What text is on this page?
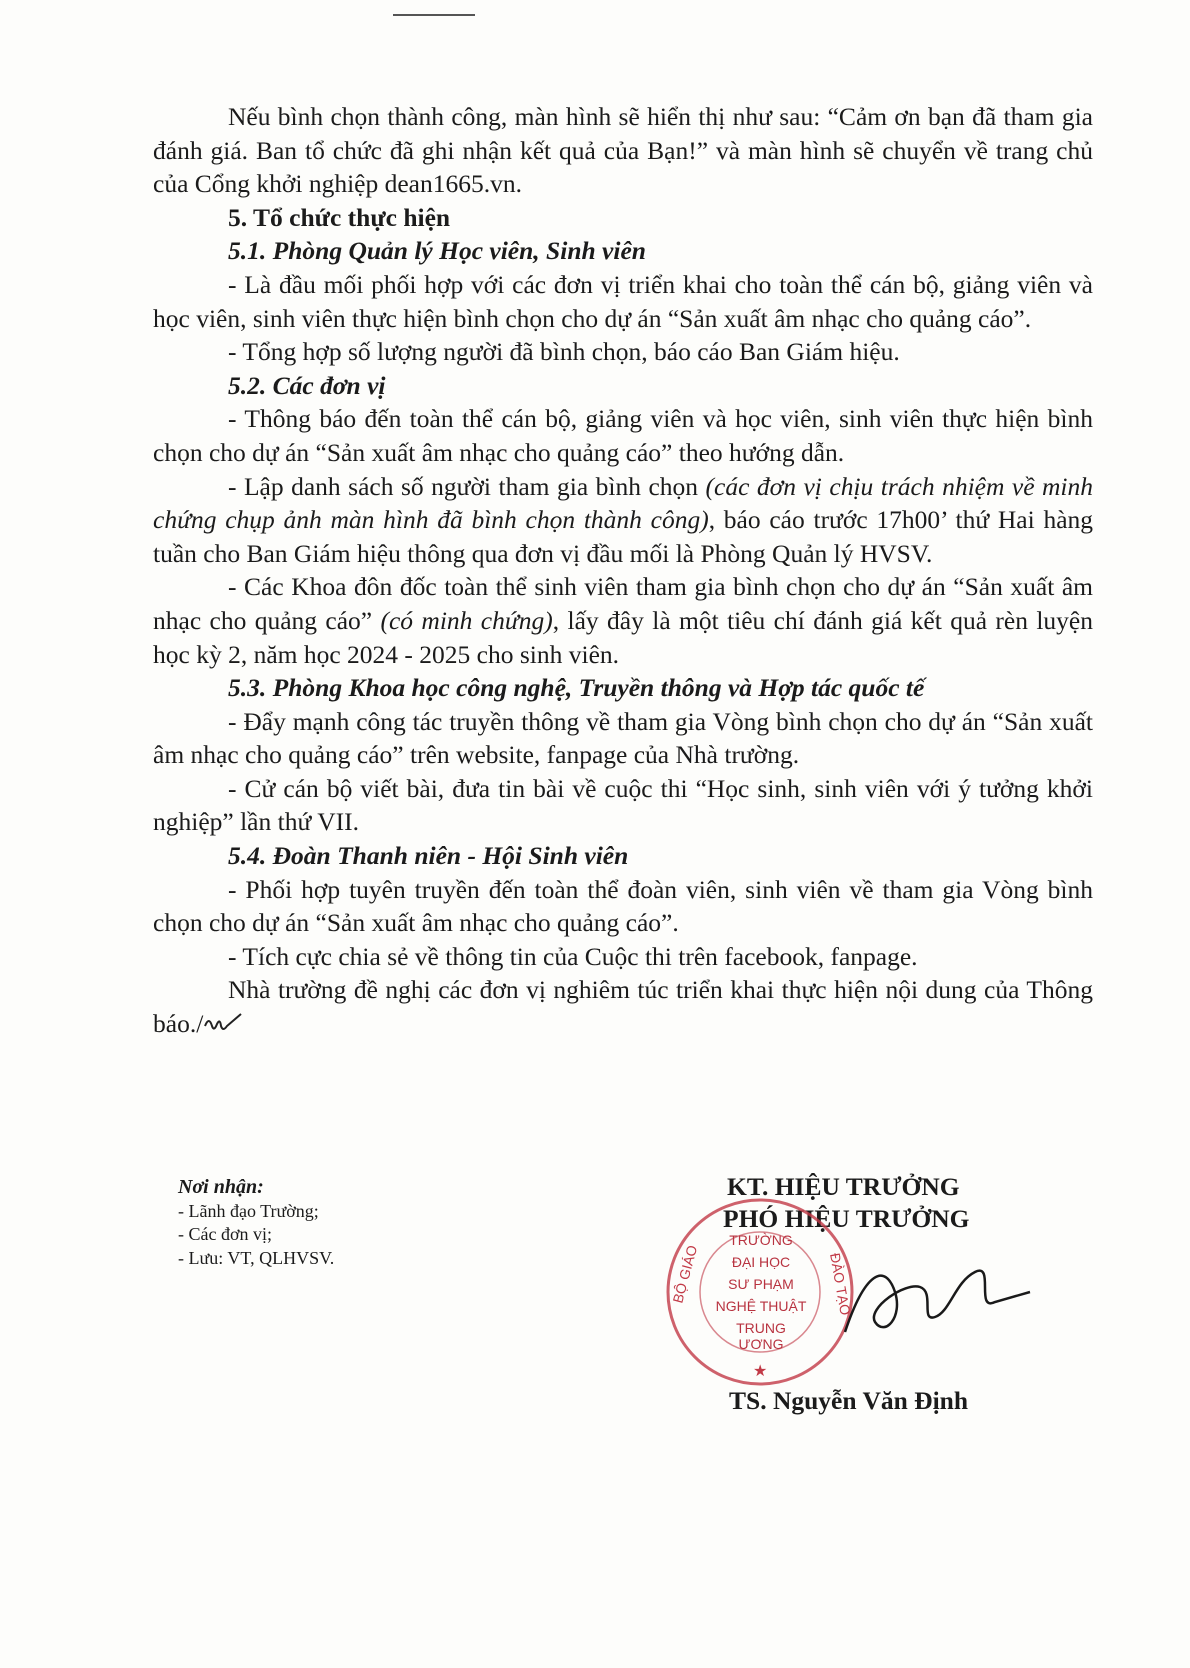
Nếu bình chọn thành công, màn hình sẽ hiển thị như sau: “Cảm ơn bạn đã tham gia đánh giá. Ban tổ chức đã ghi nhận kết quả của Bạn!” và màn hình sẽ chuyển về trang chủ của Cổng khởi nghiệp dean1665.vn.

5. Tổ chức thực hiện

5.1. Phòng Quản lý Học viên, Sinh viên

- Là đầu mối phối hợp với các đơn vị triển khai cho toàn thể cán bộ, giảng viên và học viên, sinh viên thực hiện bình chọn cho dự án “Sản xuất âm nhạc cho quảng cáo”.

- Tổng hợp số lượng người đã bình chọn, báo cáo Ban Giám hiệu.

5.2. Các đơn vị

- Thông báo đến toàn thể cán bộ, giảng viên và học viên, sinh viên thực hiện bình chọn cho dự án “Sản xuất âm nhạc cho quảng cáo” theo hướng dẫn.

- Lập danh sách số người tham gia bình chọn (các đơn vị chịu trách nhiệm về minh chứng chụp ảnh màn hình đã bình chọn thành công), báo cáo trước 17h00’ thứ Hai hàng tuần cho Ban Giám hiệu thông qua đơn vị đầu mối là Phòng Quản lý HVSV.

- Các Khoa đôn đốc toàn thể sinh viên tham gia bình chọn cho dự án “Sản xuất âm nhạc cho quảng cáo” (có minh chứng), lấy đây là một tiêu chí đánh giá kết quả rèn luyện học kỳ 2, năm học 2024 - 2025 cho sinh viên.

5.3. Phòng Khoa học công nghệ, Truyền thông và Hợp tác quốc tế

- Đẩy mạnh công tác truyền thông về tham gia Vòng bình chọn cho dự án “Sản xuất âm nhạc cho quảng cáo” trên website, fanpage của Nhà trường.

- Cử cán bộ viết bài, đưa tin bài về cuộc thi “Học sinh, sinh viên với ý tưởng khởi nghiệp” lần thứ VII.

5.4. Đoàn Thanh niên - Hội Sinh viên

- Phối hợp tuyên truyền đến toàn thể đoàn viên, sinh viên về tham gia Vòng bình chọn cho dự án “Sản xuất âm nhạc cho quảng cáo”.

- Tích cực chia sẻ về thông tin của Cuộc thi trên facebook, fanpage.

Nhà trường đề nghị các đơn vị nghiêm túc triển khai thực hiện nội dung của Thông báo./

Nơi nhận:
- Lãnh đạo Trường;
- Các đơn vị;
- Lưu: VT, QLHVSV.
KT. HIỆU TRƯỞNG
PHÓ HIỆU TRƯỞNG
BỘ GIÁO	ĐÀO TẠO
★
TRƯỜNG
ĐẠI HỌC
SƯ PHẠM
NGHỆ THUẬT
TRUNG ƯƠNG
TS. Nguyễn Văn Định
